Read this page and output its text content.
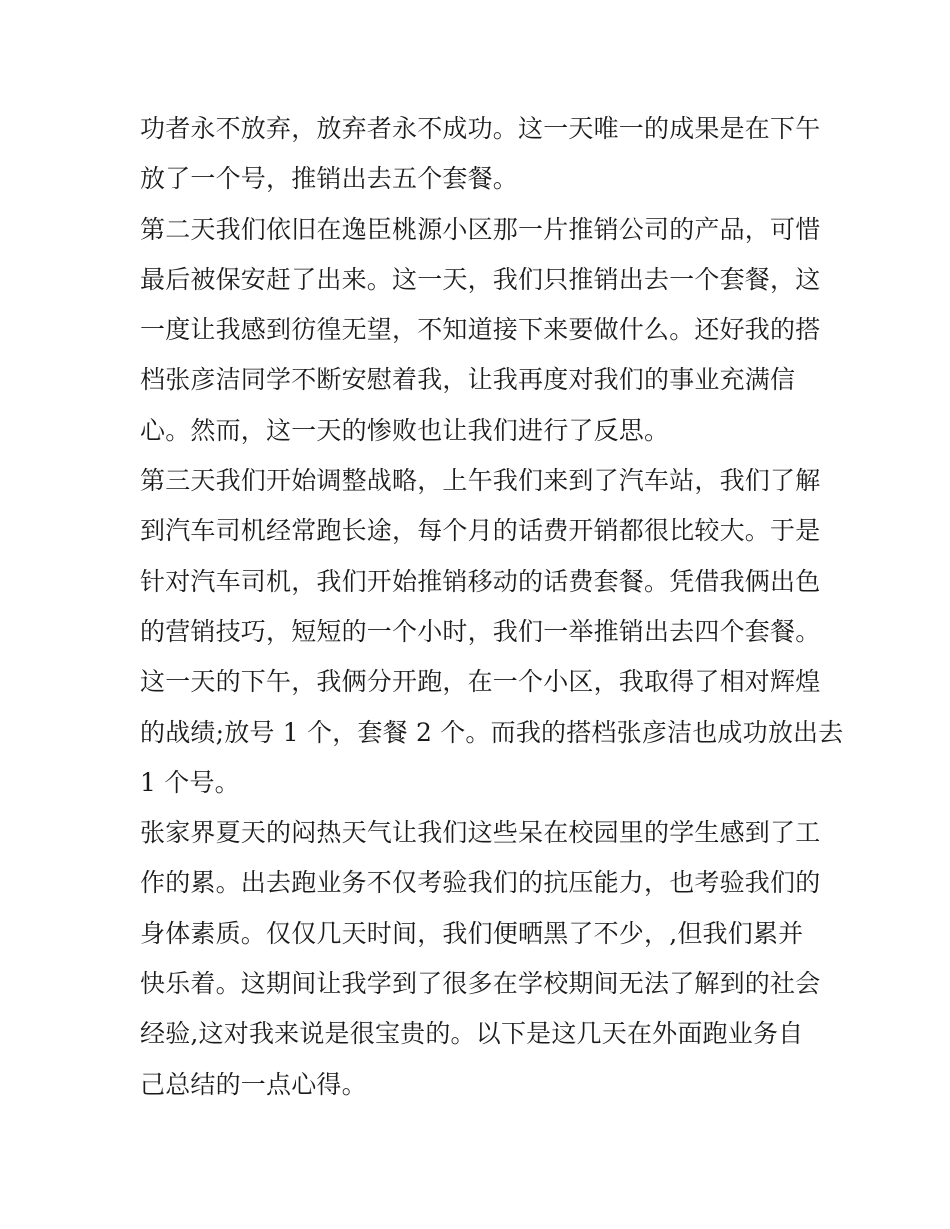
功者永不放弃，放弃者永不成功。这一天唯一的成果是在下午
放了一个号，推销出去五个套餐。
第二天我们依旧在逸臣桃源小区那一片推销公司的产品，可惜
最后被保安赶了出来。这一天，我们只推销出去一个套餐，这
一度让我感到彷徨无望，不知道接下来要做什么。还好我的搭
档张彦洁同学不断安慰着我，让我再度对我们的事业充满信
心。然而，这一天的惨败也让我们进行了反思。
第三天我们开始调整战略，上午我们来到了汽车站，我们了解
到汽车司机经常跑长途，每个月的话费开销都很比较大。于是
针对汽车司机，我们开始推销移动的话费套餐。凭借我俩出色
的营销技巧，短短的一个小时，我们一举推销出去四个套餐。
这一天的下午，我俩分开跑，在一个小区，我取得了相对辉煌
的战绩;放号 1 个，套餐 2 个。而我的搭档张彦洁也成功放出去
1 个号。
张家界夏天的闷热天气让我们这些呆在校园里的学生感到了工
作的累。出去跑业务不仅考验我们的抗压能力，也考验我们的
身体素质。仅仅几天时间，我们便晒黑了不少，,但我们累并
快乐着。这期间让我学到了很多在学校期间无法了解到的社会
经验,这对我来说是很宝贵的。以下是这几天在外面跑业务自
己总结的一点心得。
